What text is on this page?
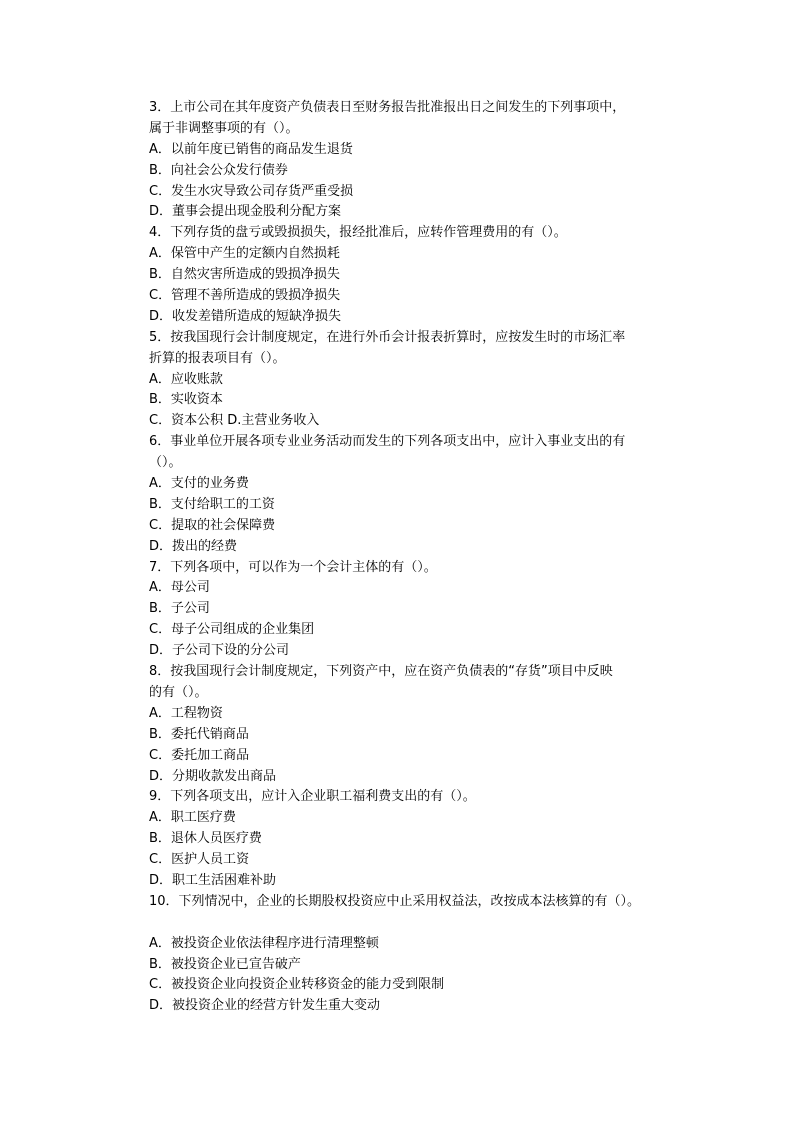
3．上市公司在其年度资产负债表日至财务报告批准报出日之间发生的下列事项中，
属于非调整事项的有（）。
A．以前年度已销售的商品发生退货
B．向社会公众发行债券
C．发生水灾导致公司存货严重受损
D．董事会提出现金股利分配方案
4．下列存货的盘亏或毁损损失，报经批准后，应转作管理费用的有（）。
A．保管中产生的定额内自然损耗
B．自然灾害所造成的毁损净损失
C．管理不善所造成的毁损净损失
D．收发差错所造成的短缺净损失
5．按我国现行会计制度规定，在进行外币会计报表折算时，应按发生时的市场汇率
折算的报表项目有（）。
A．应收账款
B．实收资本
C．资本公积 D.主营业务收入
6．事业单位开展各项专业业务活动而发生的下列各项支出中，应计入事业支出的有
（）。
A．支付的业务费
B．支付给职工的工资
C．提取的社会保障费
D．拨出的经费
7．下列各项中，可以作为一个会计主体的有（）。
A．母公司
B．子公司
C．母子公司组成的企业集团
D．子公司下设的分公司
8．按我国现行会计制度规定，下列资产中，应在资产负债表的“存货”项目中反映
的有（）。
A．工程物资
B．委托代销商品
C．委托加工商品
D．分期收款发出商品
9．下列各项支出，应计入企业职工福利费支出的有（）。
A．职工医疗费
B．退休人员医疗费
C．医护人员工资
D．职工生活困难补助
10．下列情况中，企业的长期股权投资应中止采用权益法，改按成本法核算的有（）。
A．被投资企业依法律程序进行清理整顿
B．被投资企业已宣告破产
C．被投资企业向投资企业转移资金的能力受到限制
D．被投资企业的经营方针发生重大变动
